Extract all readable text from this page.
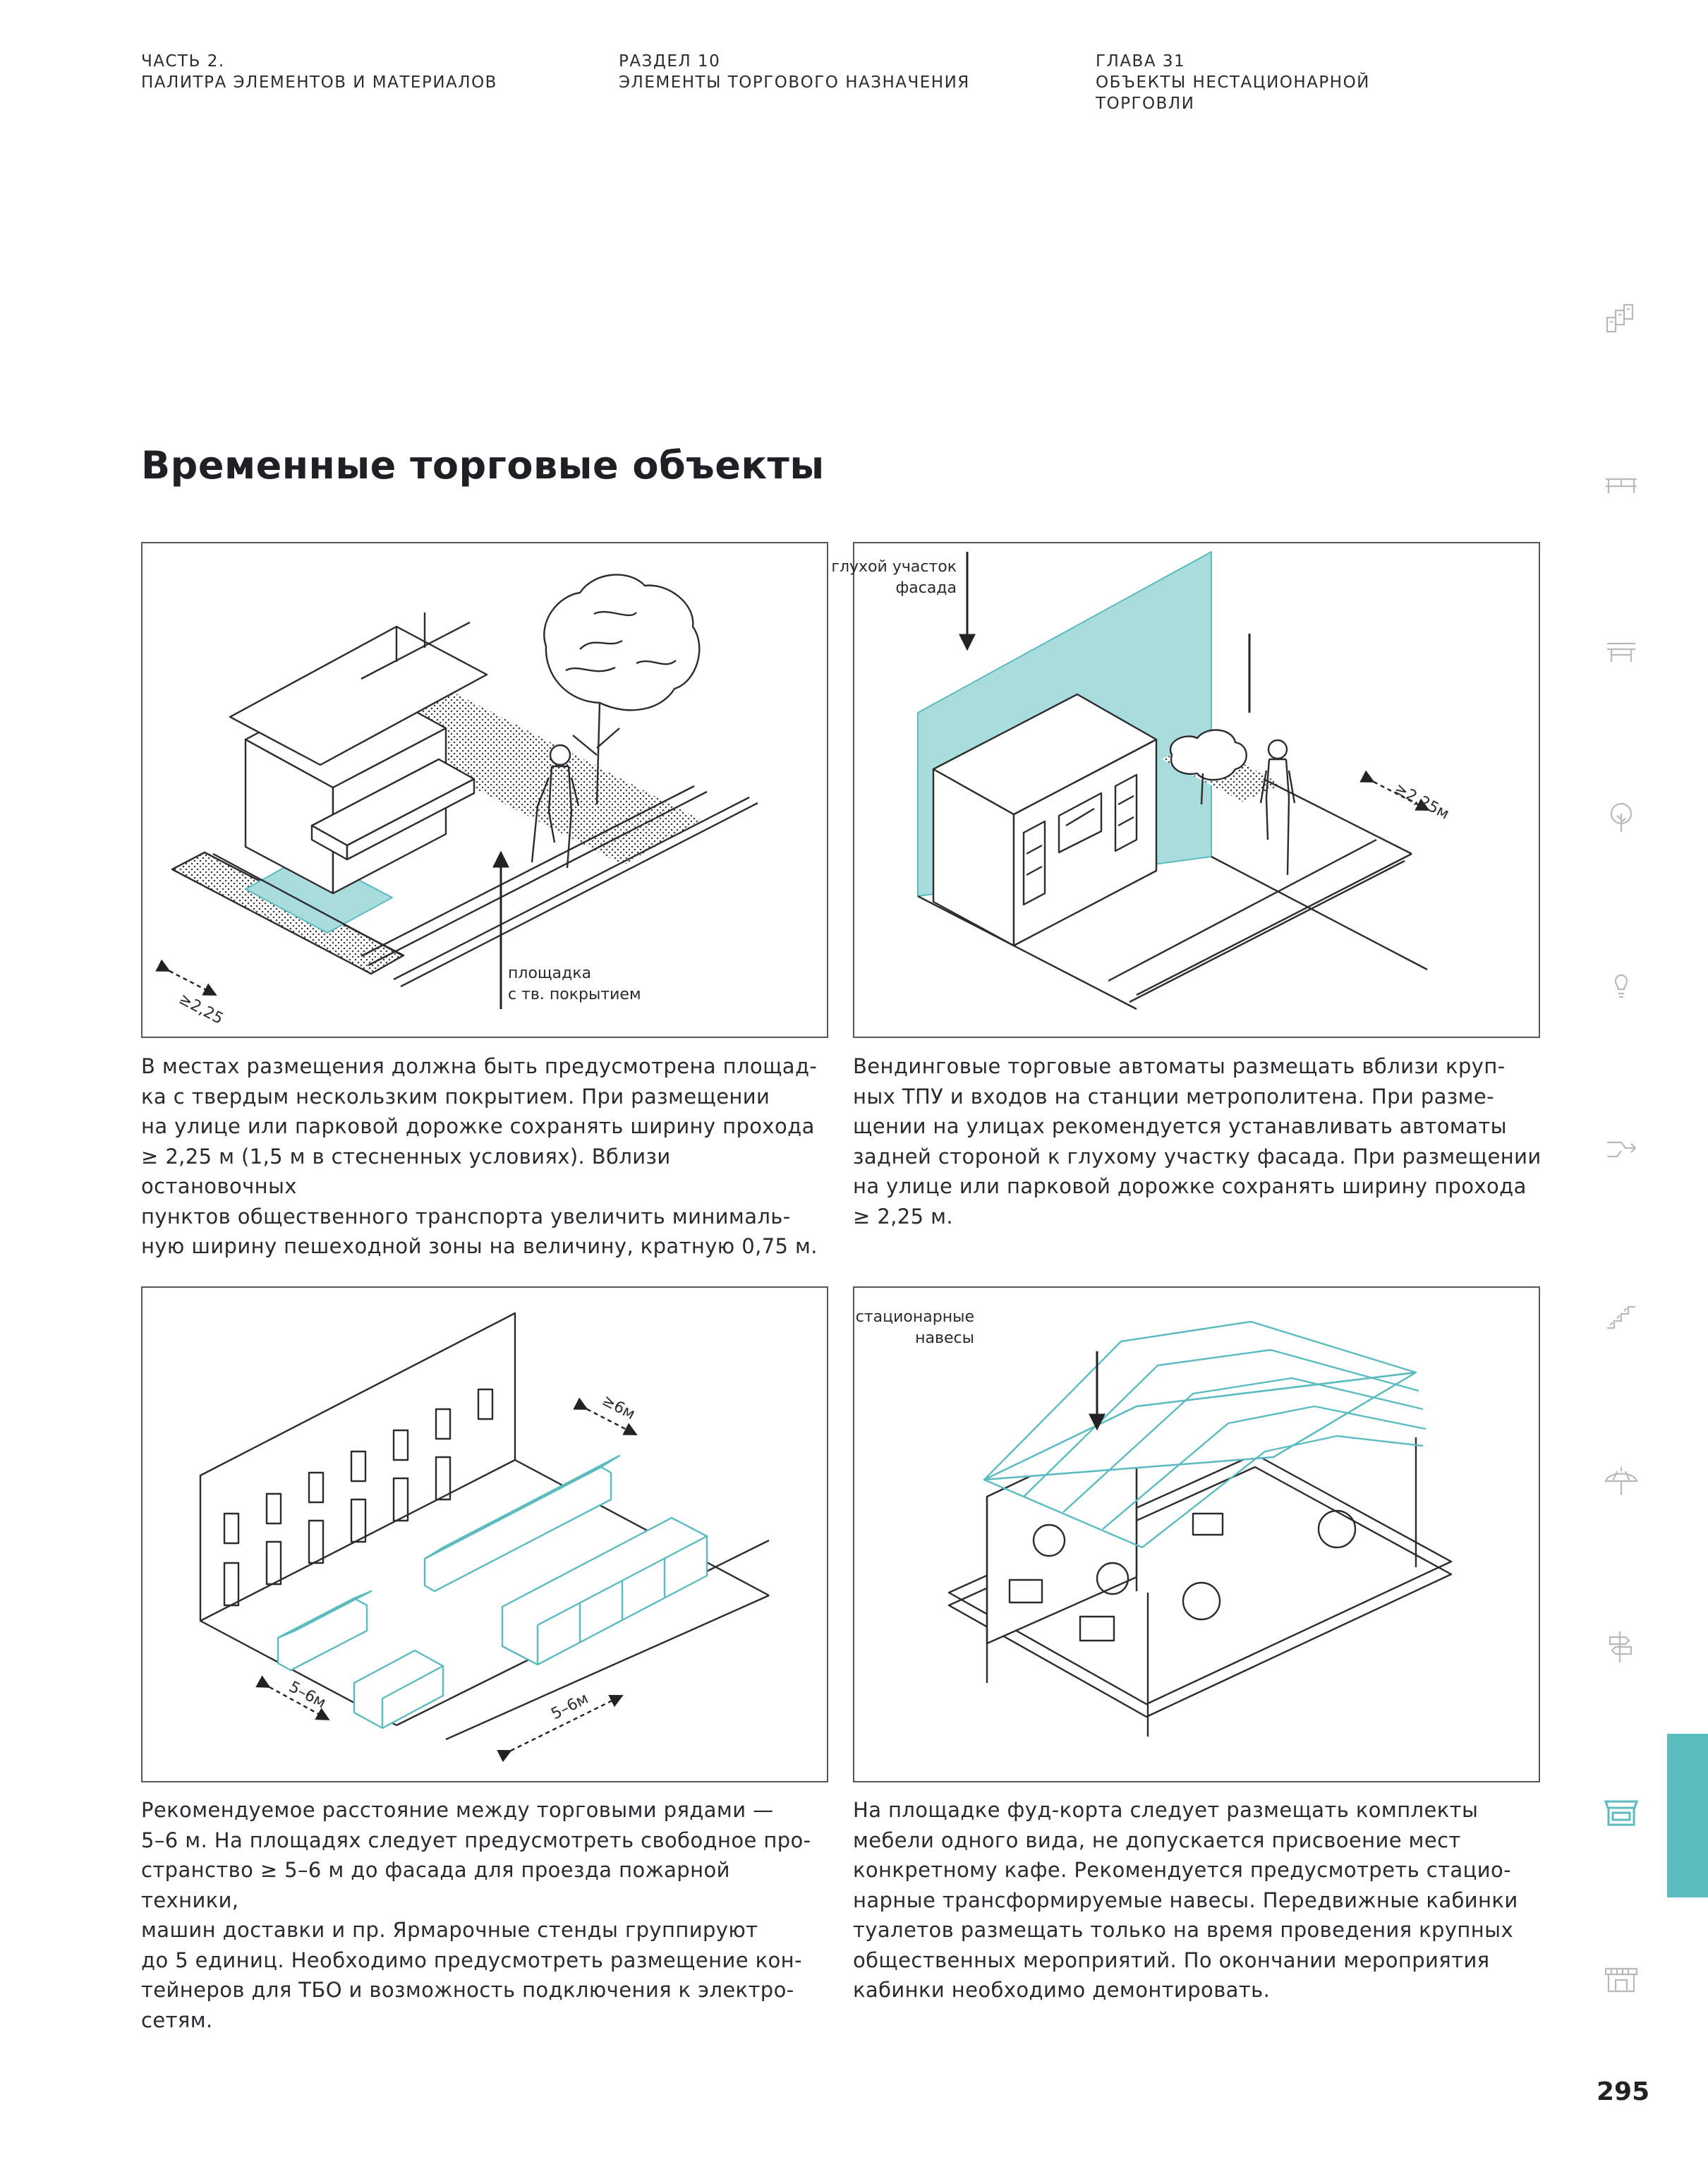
ЧАСТЬ 2.
ПАЛИТРА ЭЛЕМЕНТОВ И МАТЕРИАЛОВ
РАЗДЕЛ 10
ЭЛЕМЕНТЫ ТОРГОВОГО НАЗНАЧЕНИЯ
ГЛАВА 31
ОБЪЕКТЫ НЕСТАЦИОНАРНОЙ
ТОРГОВЛИ
Временные торговые объекты
≥2,25
площадка
с тв. покрытием
глухой участок
фасада
≥2,25м
≥6м
5–6м	5–6м
стационарные
навесы
В местах размещения должна быть предусмотрена площад-
ка с твердым нескользким покрытием. При размещении
на улице или парковой дорожке сохранять ширину прохода
≥ 2,25 м (1,5 м в стесненных условиях). Вблизи остановочных
пунктов общественного транспорта увеличить минималь-
ную ширину пешеходной зоны на величину, кратную 0,75 м.
Вендинговые торговые автоматы размещать вблизи круп-
ных ТПУ и входов на станции метрополитена. При разме-
щении на улицах рекомендуется устанавливать автоматы
задней стороной к глухому участку фасада. При размещении
на улице или парковой дорожке сохранять ширину прохода
≥ 2,25 м.
Рекомендуемое расстояние между торговыми рядами —
5–6 м. На площадях следует предусмотреть свободное про-
странство ≥ 5–6 м до фасада для проезда пожарной техники,
машин доставки и пр. Ярмарочные стенды группируют
до 5 единиц. Необходимо предусмотреть размещение кон-
тейнеров для ТБО и возможность подключения к электро-
сетям.
На площадке фуд-корта следует размещать комплекты
мебели одного вида, не допускается присвоение мест
конкретному кафе. Рекомендуется предусмотреть стацио-
нарные трансформируемые навесы. Передвижные кабинки
туалетов размещать только на время проведения крупных
общественных мероприятий. По окончании мероприятия
кабинки необходимо демонтировать.
295
